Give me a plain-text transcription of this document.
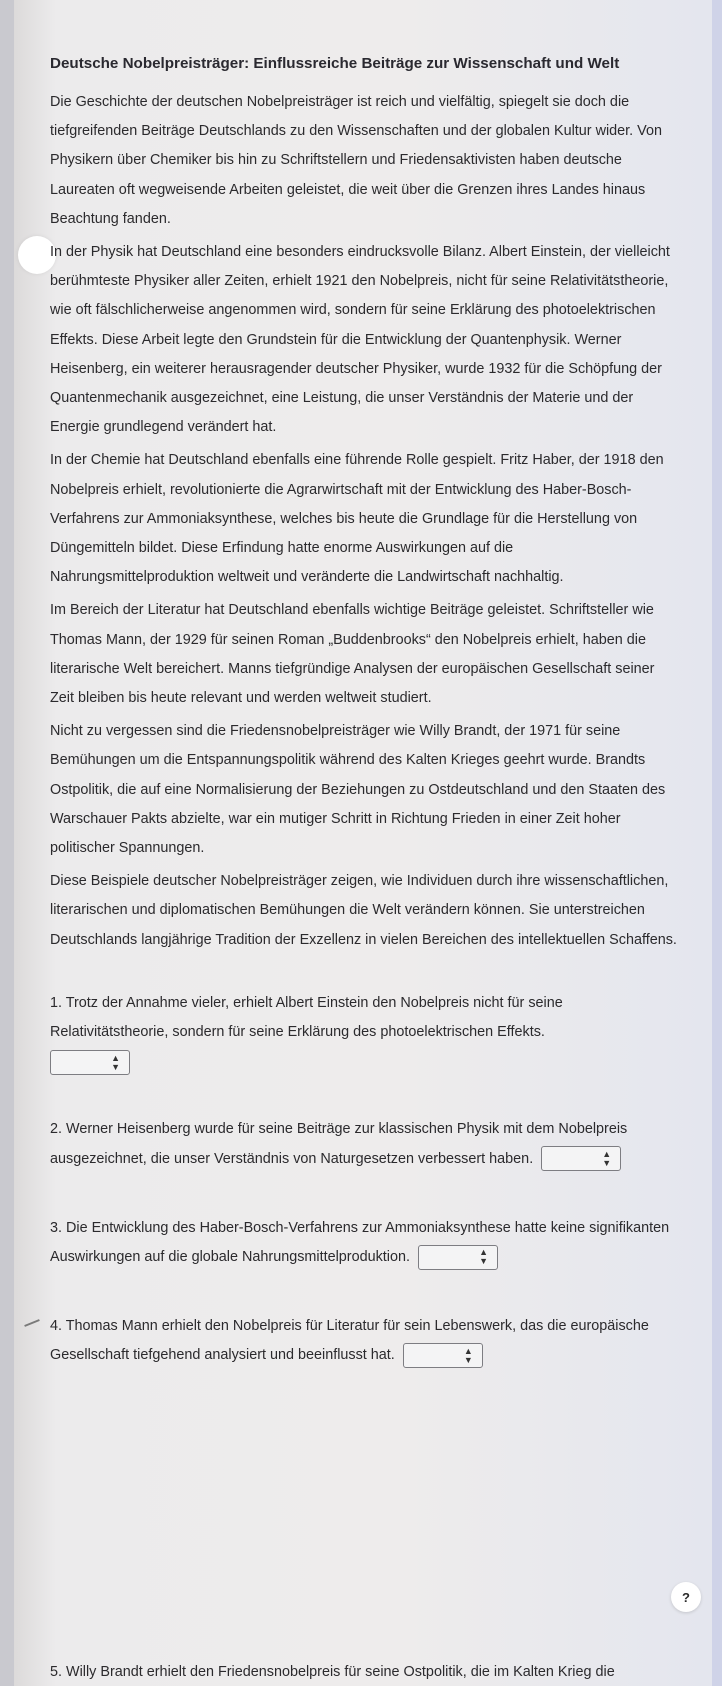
Deutsche Nobelpreisträger: Einflussreiche Beiträge zur Wissenschaft und Welt

Die Geschichte der deutschen Nobelpreisträger ist reich und vielfältig, spiegelt sie doch die tiefgreifenden Beiträge Deutschlands zu den Wissenschaften und der globalen Kultur wider. Von Physikern über Chemiker bis hin zu Schriftstellern und Friedensaktivisten haben deutsche Laureaten oft wegweisende Arbeiten geleistet, die weit über die Grenzen ihres Landes hinaus Beachtung fanden.

In der Physik hat Deutschland eine besonders eindrucksvolle Bilanz. Albert Einstein, der vielleicht berühmteste Physiker aller Zeiten, erhielt 1921 den Nobelpreis, nicht für seine Relativitätstheorie, wie oft fälschlicherweise angenommen wird, sondern für seine Erklärung des photoelektrischen Effekts. Diese Arbeit legte den Grundstein für die Entwicklung der Quantenphysik. Werner Heisenberg, ein weiterer herausragender deutscher Physiker, wurde 1932 für die Schöpfung der Quantenmechanik ausgezeichnet, eine Leistung, die unser Verständnis der Materie und der Energie grundlegend verändert hat.

In der Chemie hat Deutschland ebenfalls eine führende Rolle gespielt. Fritz Haber, der 1918 den Nobelpreis erhielt, revolutionierte die Agrarwirtschaft mit der Entwicklung des Haber-Bosch-Verfahrens zur Ammoniaksynthese, welches bis heute die Grundlage für die Herstellung von Düngemitteln bildet. Diese Erfindung hatte enorme Auswirkungen auf die Nahrungsmittelproduktion weltweit und veränderte die Landwirtschaft nachhaltig.

Im Bereich der Literatur hat Deutschland ebenfalls wichtige Beiträge geleistet. Schriftsteller wie Thomas Mann, der 1929 für seinen Roman „Buddenbrooks“ den Nobelpreis erhielt, haben die literarische Welt bereichert. Manns tiefgründige Analysen der europäischen Gesellschaft seiner Zeit bleiben bis heute relevant und werden weltweit studiert.

Nicht zu vergessen sind die Friedensnobelpreisträger wie Willy Brandt, der 1971 für seine Bemühungen um die Entspannungspolitik während des Kalten Krieges geehrt wurde. Brandts Ostpolitik, die auf eine Normalisierung der Beziehungen zu Ostdeutschland und den Staaten des Warschauer Pakts abzielte, war ein mutiger Schritt in Richtung Frieden in einer Zeit hoher politischer Spannungen.

Diese Beispiele deutscher Nobelpreisträger zeigen, wie Individuen durch ihre wissenschaftlichen, literarischen und diplomatischen Bemühungen die Welt verändern können. Sie unterstreichen Deutschlands langjährige Tradition der Exzellenz in vielen Bereichen des intellektuellen Schaffens.

1. Trotz der Annahme vieler, erhielt Albert Einstein den Nobelpreis nicht für seine Relativitätstheorie, sondern für seine Erklärung des photoelektrischen Effekts.
▲
▼
2. Werner Heisenberg wurde für seine Beiträge zur klassischen Physik mit dem Nobelpreis ausgezeichnet, die unser Verständnis von Naturgesetzen verbessert haben.	▲
▼
3. Die Entwicklung des Haber-Bosch-Verfahrens zur Ammoniaksynthese hatte keine signifikanten Auswirkungen auf die globale Nahrungsmittelproduktion.	▲
▼
4. Thomas Mann erhielt den Nobelpreis für Literatur für sein Lebenswerk, das die europäische Gesellschaft tiefgehend analysiert und beeinflusst hat.	▲
▼
5. Willy Brandt erhielt den Friedensnobelpreis für seine Ostpolitik, die im Kalten Krieg die
?
